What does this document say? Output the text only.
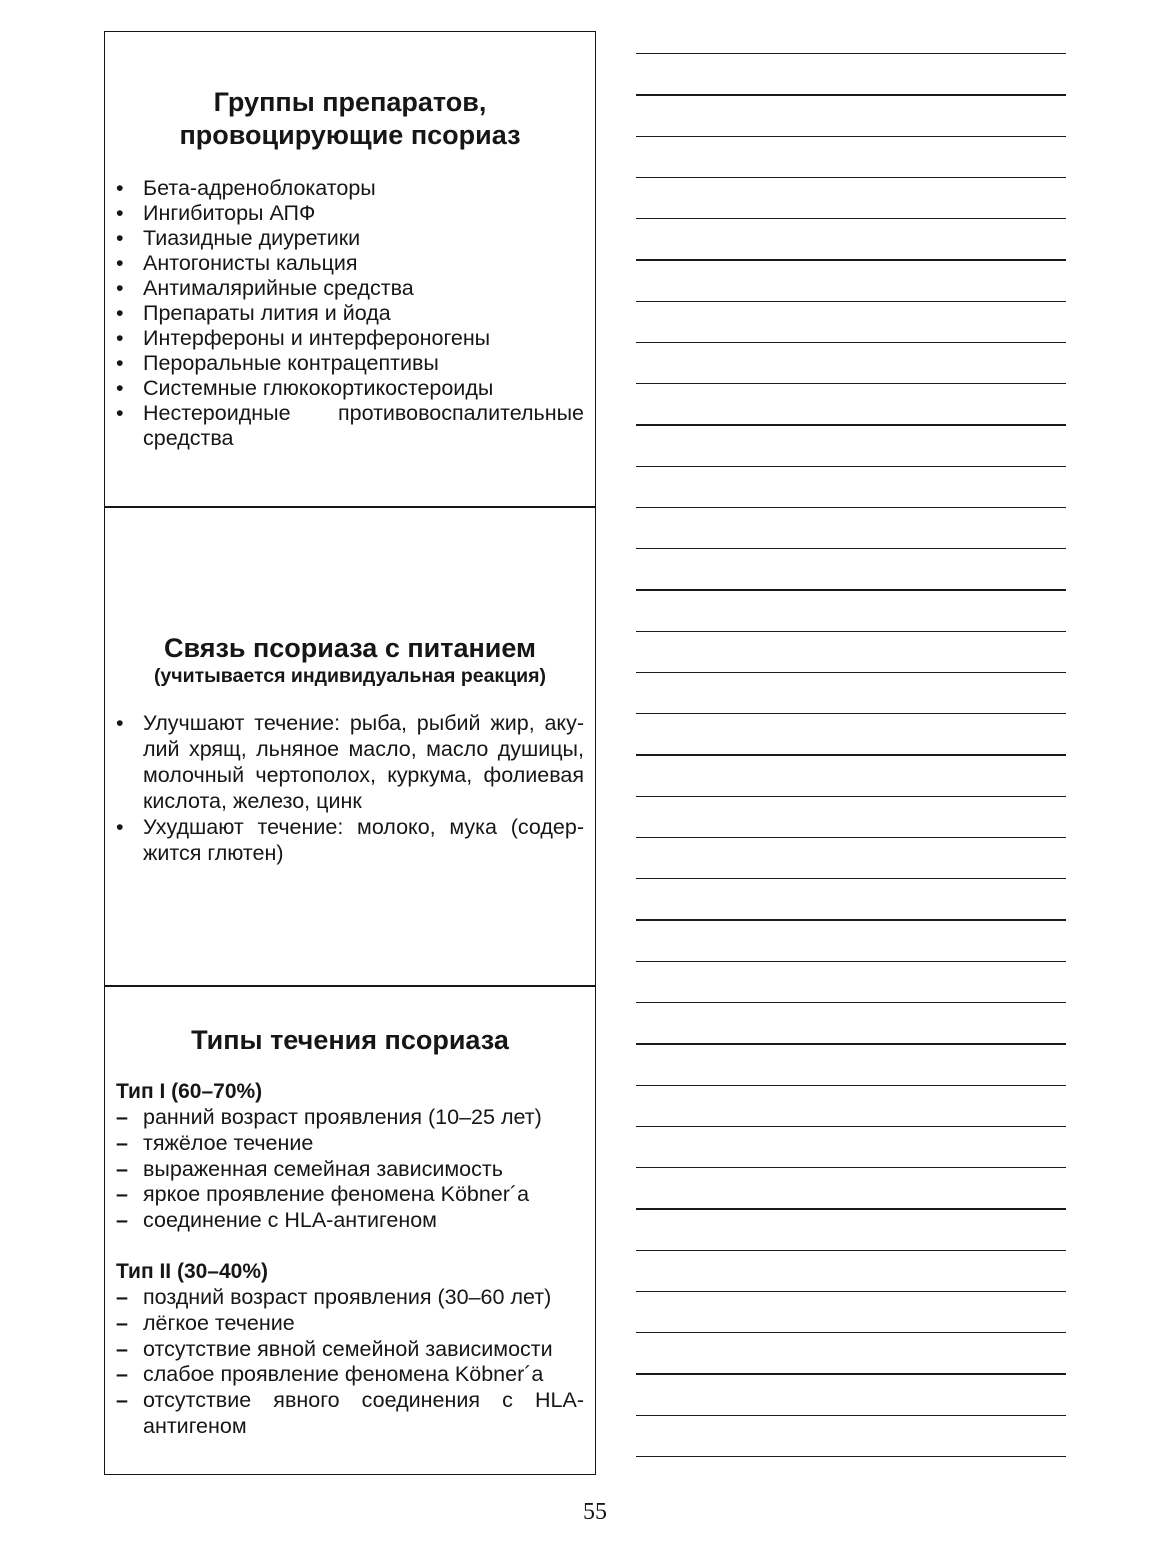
Группы препаратов,
провоцирующие псориаз
• Бета-адреноблокаторы
• Ингибиторы АПФ
• Тиазидные диуретики
• Антогонисты кальция
• Антималярийные средства
• Препараты лития и йода
• Интерфероны и интерфероногены
• Пероральные контрацептивы
• Системные глюкокортикостероиды
• Нестероидные противовоспалительные
средства
Связь псориаза с питанием
(учитывается индивидуальная реакция)
• Улучшают течение: рыба, рыбий жир, аку-
лий хрящ, льняное масло, масло душицы,
молочный чертополох, куркума, фолиевая
кислота, железо, цинк
• Ухудшают течение: молоко, мука (содер-
жится глютен)
Типы течения псориаза
Тип I (60–70%)
– ранний возраст проявления (10–25 лет)
– тяжёлое течение
– выраженная семейная зависимость
– яркое проявление феномена Köbner´a
– соединение с HLA-антигеном
Тип II (30–40%)
– поздний возраст проявления (30–60 лет)
– лёгкое течение
– отсутствие явной семейной зависимости
– слабое проявление феномена Köbner´a
– отсутствие явного соединения с HLA-
антигеном
55
